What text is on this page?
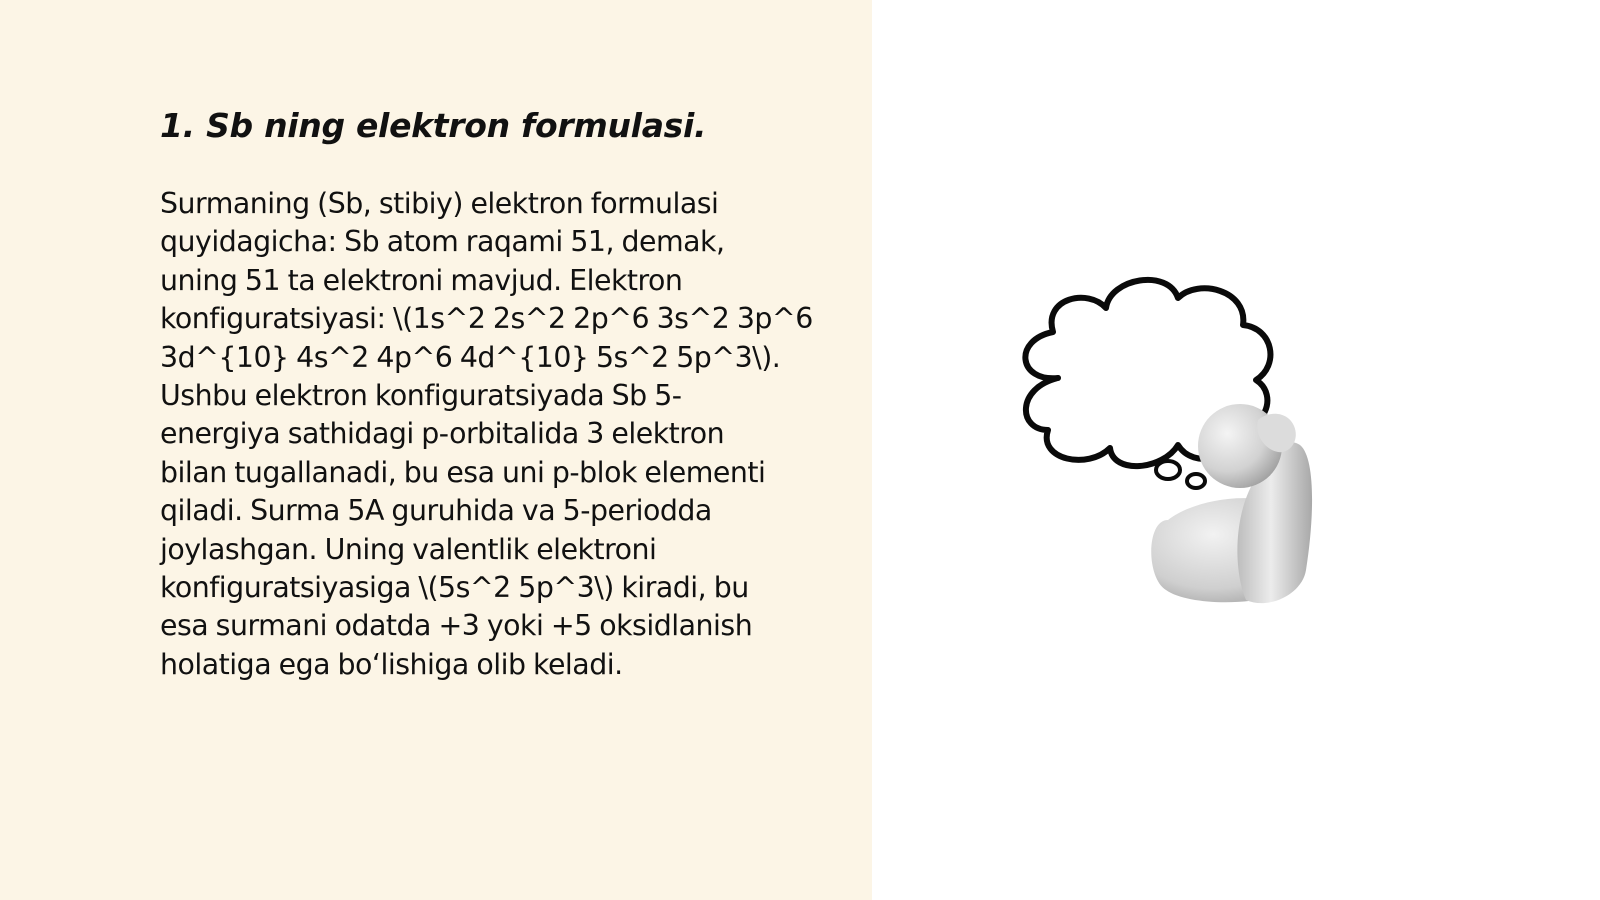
1. Sb ning elektron formulasi.
Surmaning (Sb, stibiy) elektron formulasi
quyidagicha: Sb atom raqami 51, demak,
uning 51 ta elektroni mavjud. Elektron
konfiguratsiyasi: \(1s^2 2s^2 2p^6 3s^2 3p^6
3d^{10} 4s^2 4p^6 4d^{10} 5s^2 5p^3\).
Ushbu elektron konfiguratsiyada Sb 5-
energiya sathidagi p-orbitalida 3 elektron
bilan tugallanadi, bu esa uni p-blok elementi
qiladi. Surma 5A guruhida va 5-periodda
joylashgan. Uning valentlik elektroni
konfiguratsiyasiga \(5s^2 5p^3\) kiradi, bu
esa surmani odatda +3 yoki +5 oksidlanish
holatiga ega bo‘lishiga olib keladi.
